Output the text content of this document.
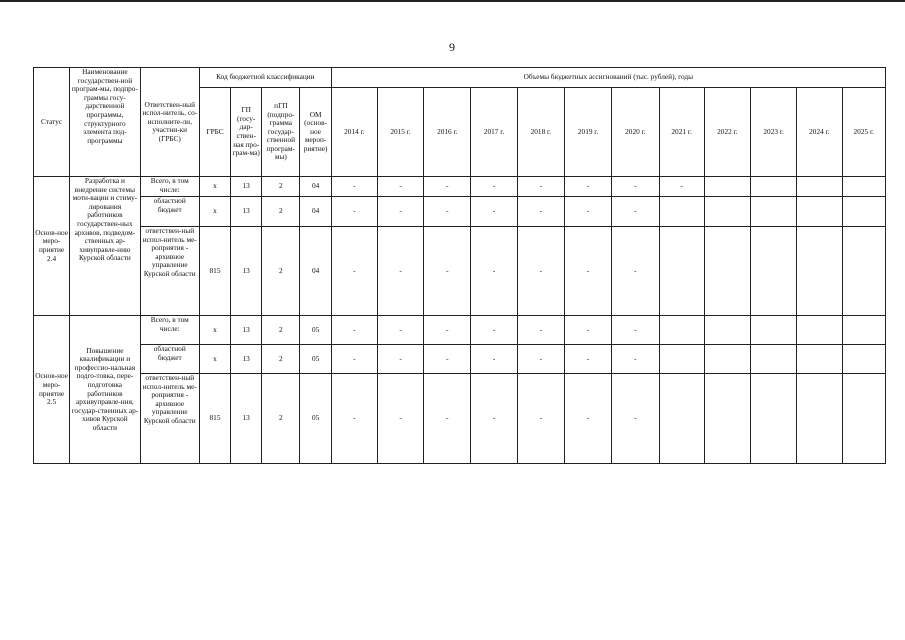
9
Статус	Наименование государствен-ной програм-мы, подпро-граммы госу-дарственной программы, структурного элемента под-программы	Ответствен-ный испол-нитель, со-исполните-ли, участни-ки (ГРБС)	Код бюджетной классификации				Объемы бюджетных ассигнований (тыс. рублей), годы											
			ГРБС	ГП (госу-дар-ствен-ная про-грам-ма)	пГП (подпро-грамма государ-ственной програм-мы)	ОМ (основ-ное мероп-риятие)	2014 г.	2015 г.	2016 г.	2017 г.	2018 г.	2019 г.	2020 г.	2021 г.	2022 г.	2023 г.	2024 г.	2025 г.
Основ-ное меро-приятие 2.4	Разработка и внедрение системы моти-вации и стиму-лирования работников государствен-ных архивов, подведом-ственных ар-хивуправле-нию Курской области	Всего, в том числе:	х	13	2	04	-	-	-	-	-	-	-	-				
		областной бюджет	х	13	2	04	-	-	-	-	-	-	-					
		ответствен-ный испол-нитель ме-роприятия - архивное управление Курской области	815	13	2	04	-	-	-	-	-	-	-					
Основ-ное меро-приятие 2.5	Повышение квалификации и профессио-нальная подго-товка, пере-подготовка работников архивуправле-ния, государ-ственных ар-хивов Курской области	Всего, в том числе:	х	13	2	05	-	-	-	-	-	-	-					
		областной бюджет	х	13	2	05	-	-	-	-	-	-	-					
		ответствен-ный испол-нитель ме-роприятия - архивное управление Курской области	815	13	2	05	-	-	-	-	-	-	-					
